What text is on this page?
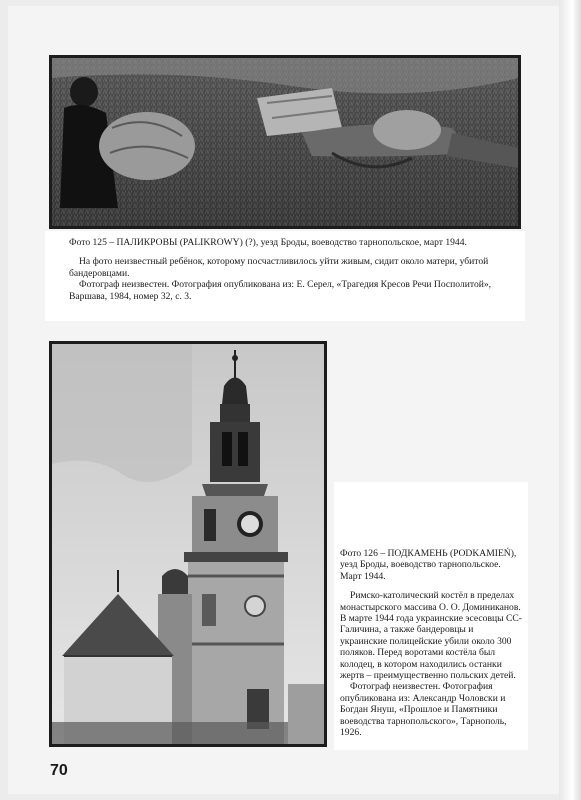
Фото 125 – ПАЛИКРОВЫ (PALIKROWY) (?), уезд Броды, воеводство тарнопольское, март 1944.

На фото неизвестный ребёнок, которому посчастливилось уйти живым, сидит около матери, убитой бандеровцами.

Фотограф неизвестен. Фотография опубликована из: Е. Серел, «Трагедия Кресов Речи Посполитой», Варшава, 1984, номер 32, с. 3.

Фото 126 – ПОДКАМЕНЬ (PODKAMIEŃ), уезд Броды, воеводство тарнопольское. Март 1944.

Римско-католический костёл в пределах монастырского массива О. О. Доминиканов. В марте 1944 года украинские эсесовцы СС-Галичина, а также бандеровцы и украинские полицейские убили около 300 поляков. Перед воротами костёла был колодец, в котором находились останки жертв – преимущественно польских детей.

Фотограф неизвестен. Фотография опубликована из: Александр Чоловски и Богдан Януш, «Прошлое и Памятники воеводства тарнопольского», Тарнополь, 1926.

70
